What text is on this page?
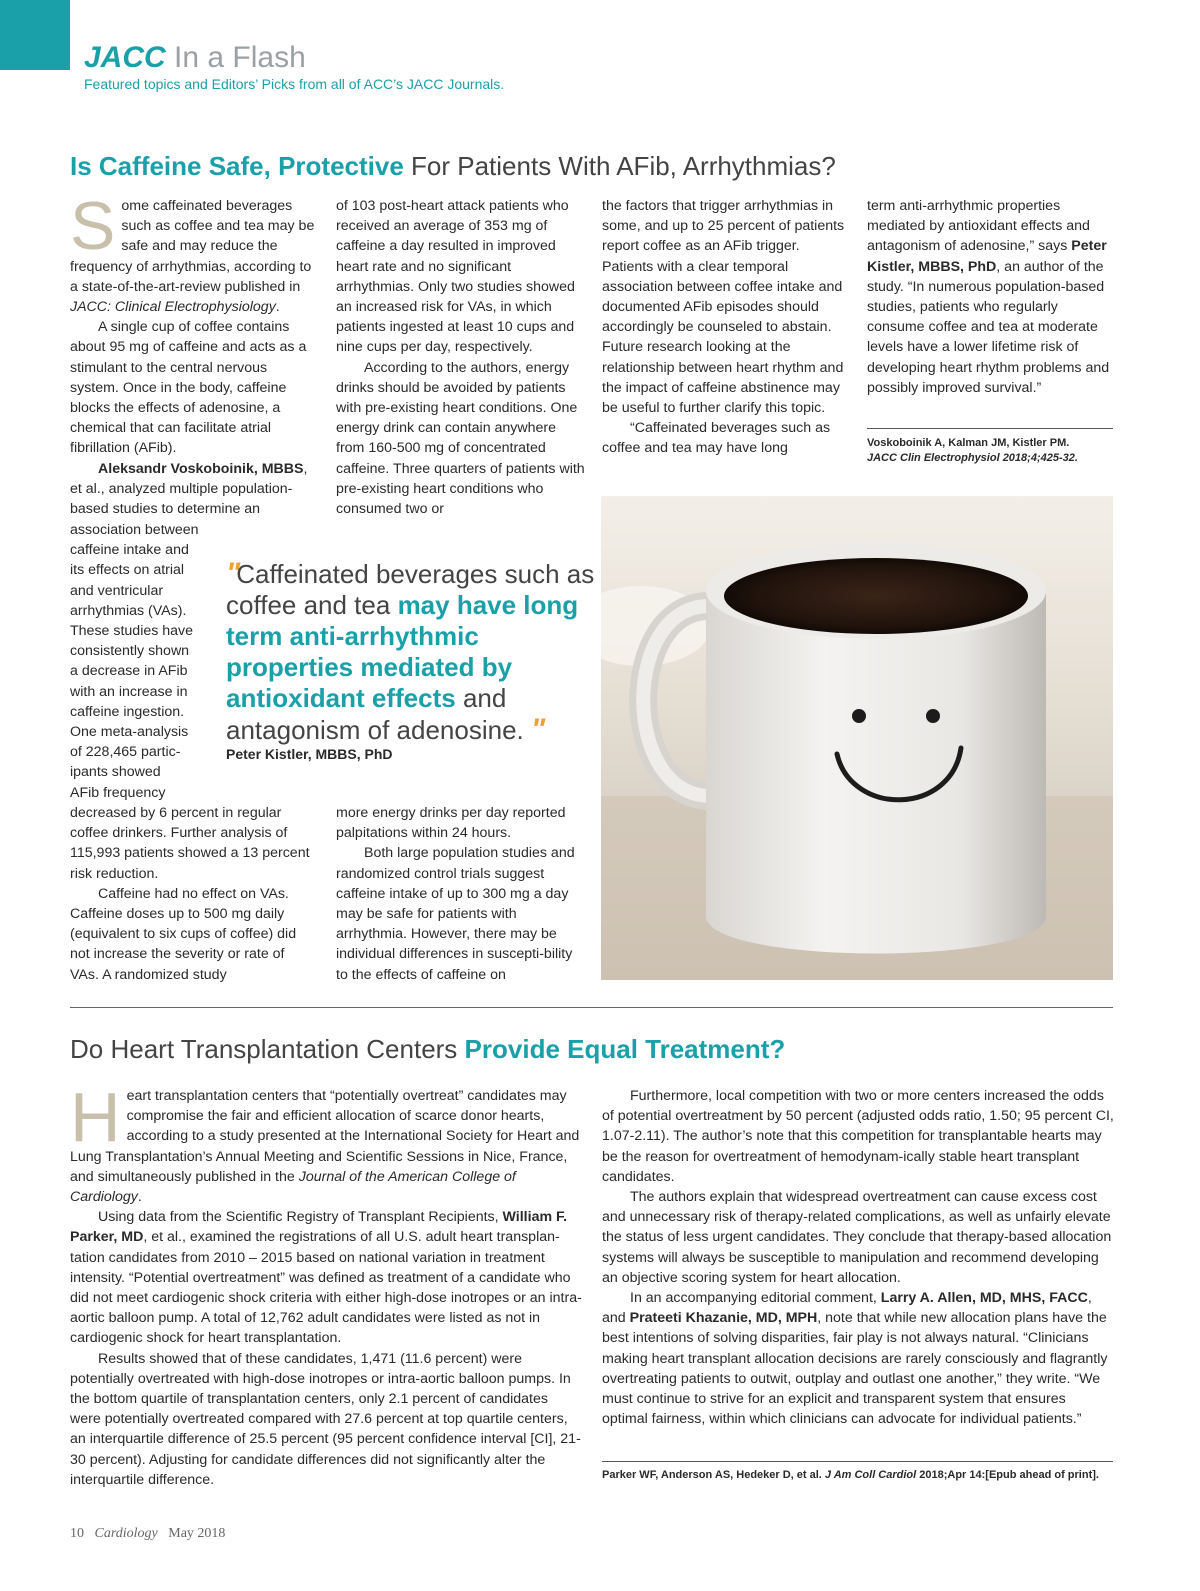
JACC In a Flash
Featured topics and Editors’ Picks from all of ACC’s JACC Journals.
Is Caffeine Safe, Protective For Patients With AFib, Arrhythmias?

Some caffeinated beverages such as coffee and tea may be safe and may reduce the frequency of arrhythmias, according to a state-of-the-art-review published in JACC: Clinical Electrophysiology.

A single cup of coffee contains about 95 mg of caffeine and acts as a stimulant to the central nervous system. Once in the body, caffeine blocks the effects of adenosine, a chemical that can facilitate atrial fibrillation (AFib).

Aleksandr Voskoboinik, MBBS, et al., analyzed multiple population-based studies to determine an

association between

caffeine intake and

its effects on atrial

and ventricular

arrhythmias (VAs).

These studies have

consistently shown

a decrease in AFib

with an increase in

caffeine ingestion.

One meta-analysis

of 228,465 partic-

ipants showed

AFib frequency

decreased by 6 percent in regular coffee drinkers. Further analysis of 115,993 patients showed a 13 percent risk reduction.

Caffeine had no effect on VAs. Caffeine doses up to 500 mg daily (equivalent to six cups of coffee) did not increase the severity or rate of VAs. A randomized study

of 103 post-heart attack patients who received an average of 353 mg of caffeine a day resulted in improved heart rate and no significant arrhythmias. Only two studies showed an increased risk for VAs, in which patients ingested at least 10 cups and nine cups per day, respectively.

According to the authors, energy drinks should be avoided by patients with pre-existing heart conditions. One energy drink can contain anywhere from 160-500 mg of concentrated caffeine. Three quarters of patients with pre-existing heart conditions who consumed two or

"Caffeinated beverages such as coffee and tea may have long term anti-arrhythmic properties mediated by antioxidant effects and antagonism of adenosine. "
Peter Kistler, MBBS, PhD

more energy drinks per day reported palpitations within 24 hours.

Both large population studies and randomized control trials suggest caffeine intake of up to 300 mg a day may be safe for patients with arrhythmia. However, there may be individual differences in suscepti-bility to the effects of caffeine on

the factors that trigger arrhythmias in some, and up to 25 percent of patients report coffee as an AFib trigger. Patients with a clear temporal association between coffee intake and documented AFib episodes should accordingly be counseled to abstain. Future research looking at the relationship between heart rhythm and the impact of caffeine abstinence may be useful to further clarify this topic.

“Caffeinated beverages such as coffee and tea may have long

term anti-arrhythmic properties mediated by antioxidant effects and antagonism of adenosine,” says Peter Kistler, MBBS, PhD, an author of the study. “In numerous population-based studies, patients who regularly consume coffee and tea at moderate levels have a lower lifetime risk of developing heart rhythm problems and possibly improved survival.”

Voskoboinik A, Kalman JM, Kistler PM.
JACC Clin Electrophysiol 2018;4;425-32.
Do Heart Transplantation Centers Provide Equal Treatment?

Heart transplantation centers that “potentially overtreat” candidates may compromise the fair and efficient allocation of scarce donor hearts, according to a study presented at the International Society for Heart and Lung Transplantation’s Annual Meeting and Scientific Sessions in Nice, France, and simultaneously published in the Journal of the American College of Cardiology.

Using data from the Scientific Registry of Transplant Recipients, William F. Parker, MD, et al., examined the registrations of all U.S. adult heart transplan-tation candidates from 2010 – 2015 based on national variation in treatment intensity. “Potential overtreatment” was defined as treatment of a candidate who did not meet cardiogenic shock criteria with either high-dose inotropes or an intra-aortic balloon pump. A total of 12,762 adult candidates were listed as not in cardiogenic shock for heart transplantation.

Results showed that of these candidates, 1,471 (11.6 percent) were potentially overtreated with high-dose inotropes or intra-aortic balloon pumps. In the bottom quartile of transplantation centers, only 2.1 percent of candidates were potentially overtreated compared with 27.6 percent at top quartile centers, an interquartile difference of 25.5 percent (95 percent confidence interval [CI], 21-30 percent). Adjusting for candidate differences did not significantly alter the interquartile difference.

Furthermore, local competition with two or more centers increased the odds of potential overtreatment by 50 percent (adjusted odds ratio, 1.50; 95 percent CI, 1.07-2.11). The author’s note that this competition for transplantable hearts may be the reason for overtreatment of hemodynam-ically stable heart transplant candidates.

The authors explain that widespread overtreatment can cause excess cost and unnecessary risk of therapy-related complications, as well as unfairly elevate the status of less urgent candidates. They conclude that therapy-based allocation systems will always be susceptible to manipulation and recommend developing an objective scoring system for heart allocation.

In an accompanying editorial comment, Larry A. Allen, MD, MHS, FACC, and Prateeti Khazanie, MD, MPH, note that while new allocation plans have the best intentions of solving disparities, fair play is not always natural. “Clinicians making heart transplant allocation decisions are rarely consciously and flagrantly overtreating patients to outwit, outplay and outlast one another,” they write. “We must continue to strive for an explicit and transparent system that ensures optimal fairness, within which clinicians can advocate for individual patients.”

Parker WF, Anderson AS, Hedeker D, et al. J Am Coll Cardiol 2018;Apr 14:[Epub ahead of print].
10 Cardiology May 2018
